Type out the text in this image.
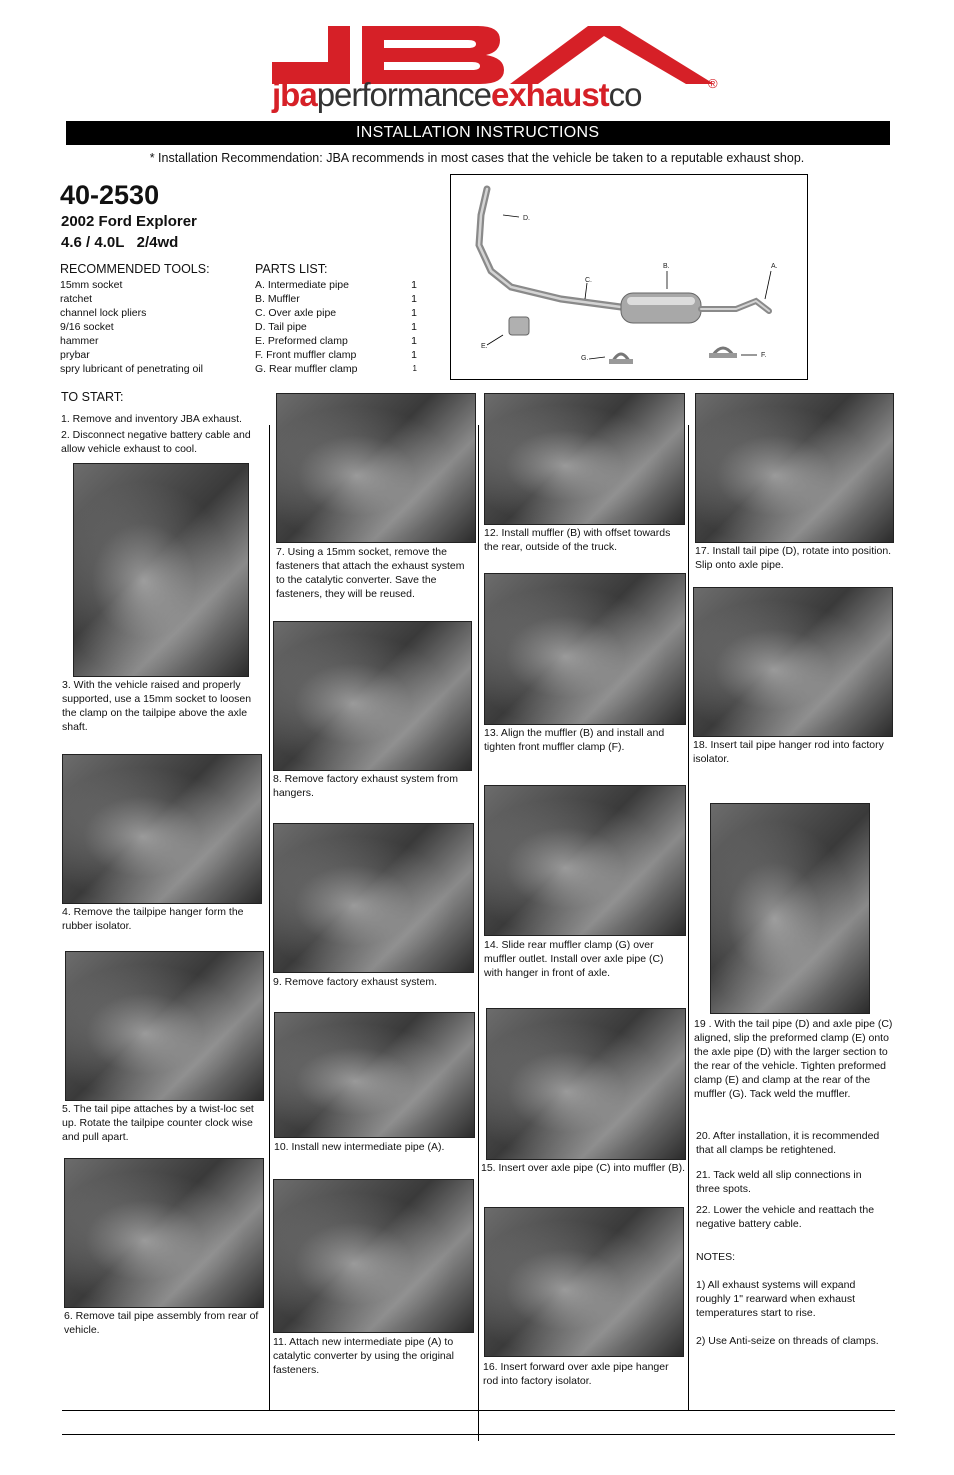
jbaperformanceexhaustco	®
INSTALLATION INSTRUCTIONS
* Installation Recommendation: JBA recommends in most cases that the vehicle be taken to a reputable exhaust shop.
40-2530
2002 Ford Explorer
4.6 / 4.0L   2/4wd
RECOMMENDED TOOLS:
15mm socket
ratchet
channel lock pliers
9/16 socket
hammer
prybar
spry lubricant of penetrating oil
PARTS LIST:
A. Intermediate pipe	1
B. Muffler	1
C. Over axle pipe	1
D. Tail pipe	1
E. Preformed clamp	1
F. Front muffler clamp	1
G. Rear muffler clamp	1
D.
C.
B.	A.
E.
G.	F.
TO START:
1. Remove and inventory JBA exhaust.
2. Disconnect negative battery cable and allow vehicle exhaust to cool.
3. With the vehicle raised and properly supported, use a 15mm socket to loosen the clamp on the tailpipe above the axle shaft.
4. Remove the tailpipe hanger form the rubber isolator.
5. The tail pipe attaches by a twist-loc set up. Rotate the tailpipe counter clock wise and pull apart.
6. Remove tail pipe assembly from rear of vehicle.
7. Using a 15mm socket, remove the fasteners that attach the exhaust system to the catalytic converter. Save the fasteners, they will be reused.
8. Remove factory exhaust system from hangers.
9. Remove factory exhaust system.
10. Install new intermediate pipe (A).
11. Attach new intermediate pipe (A) to catalytic converter by using the original fasteners.
12. Install muffler (B) with offset towards the rear, outside of the truck.
13. Align the muffler (B) and install and tighten front muffler clamp (F).
14. Slide rear muffler clamp (G) over muffler outlet. Install over axle pipe (C) with hanger in front of axle.
15. Insert over axle pipe (C) into muffler (B).
16. Insert forward over axle pipe hanger rod into factory isolator.
17. Install tail pipe (D), rotate into position. Slip onto axle pipe.
18. Insert tail pipe hanger rod into factory isolator.
19 . With the tail pipe (D) and axle pipe (C) aligned, slip the preformed clamp (E) onto the axle pipe (D) with the larger section to the rear of the vehicle. Tighten preformed clamp (E) and clamp at the rear of the muffler (G). Tack weld the muffler.
20. After installation, it is recommended that all clamps be retightened.
21. Tack weld all slip connections in three spots.
22. Lower the vehicle and reattach the negative battery cable.
NOTES:
1) All exhaust systems will expand roughly 1" rearward when exhaust temperatures start to rise.
2) Use Anti-seize on threads of clamps.
